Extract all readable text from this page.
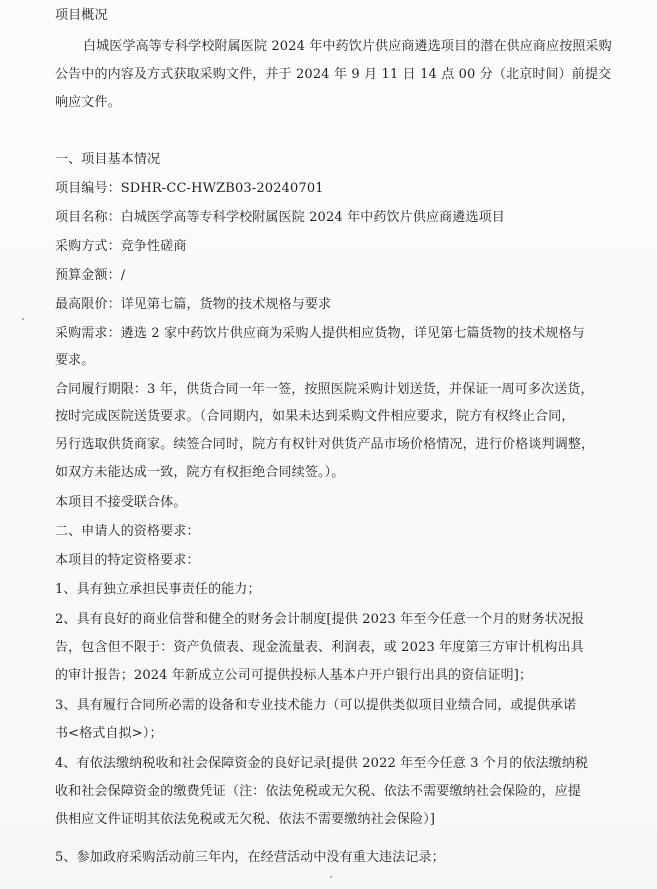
项目概况

白城医学高等专科学校附属医院 2024 年中药饮片供应商遴选项目的潜在供应商应按照采购

公告中的内容及方式获取采购文件，并于 2024 年 9 月 11 日 14 点 00 分（北京时间）前提交

响应文件。

一、项目基本情况

项目编号：SDHR-CC-HWZB03-20240701

项目名称：白城医学高等专科学校附属医院 2024 年中药饮片供应商遴选项目

采购方式：竞争性磋商

预算金额：/

最高限价：详见第七篇，货物的技术规格与要求

采购需求：遴选 2 家中药饮片供应商为采购人提供相应货物，详见第七篇货物的技术规格与

要求。

合同履行期限：3 年，供货合同一年一签，按照医院采购计划送货，并保证一周可多次送货，

按时完成医院送货要求。（合同期内，如果未达到采购文件相应要求，院方有权终止合同，

另行选取供货商家。续签合同时，院方有权针对供货产品市场价格情况，进行价格谈判调整，

如双方未能达成一致，院方有权拒绝合同续签。）。

本项目不接受联合体。

二、申请人的资格要求：

本项目的特定资格要求：

1、具有独立承担民事责任的能力；

2、具有良好的商业信誉和健全的财务会计制度[提供 2023 年至今任意一个月的财务状况报

告，包含但不限于：资产负债表、现金流量表、利润表，或 2023 年度第三方审计机构出具

的审计报告；2024 年新成立公司可提供投标人基本户开户银行出具的资信证明]；

3、具有履行合同所必需的设备和专业技术能力（可以提供类似项目业绩合同，或提供承诺

书<格式自拟>）；

4、有依法缴纳税收和社会保障资金的良好记录[提供 2022 年至今任意 3 个月的依法缴纳税

收和社会保障资金的缴费凭证（注：依法免税或无欠税、依法不需要缴纳社会保险的，应提

供相应文件证明其依法免税或无欠税、依法不需要缴纳社会保险）]

5、参加政府采购活动前三年内，在经营活动中没有重大违法记录；
